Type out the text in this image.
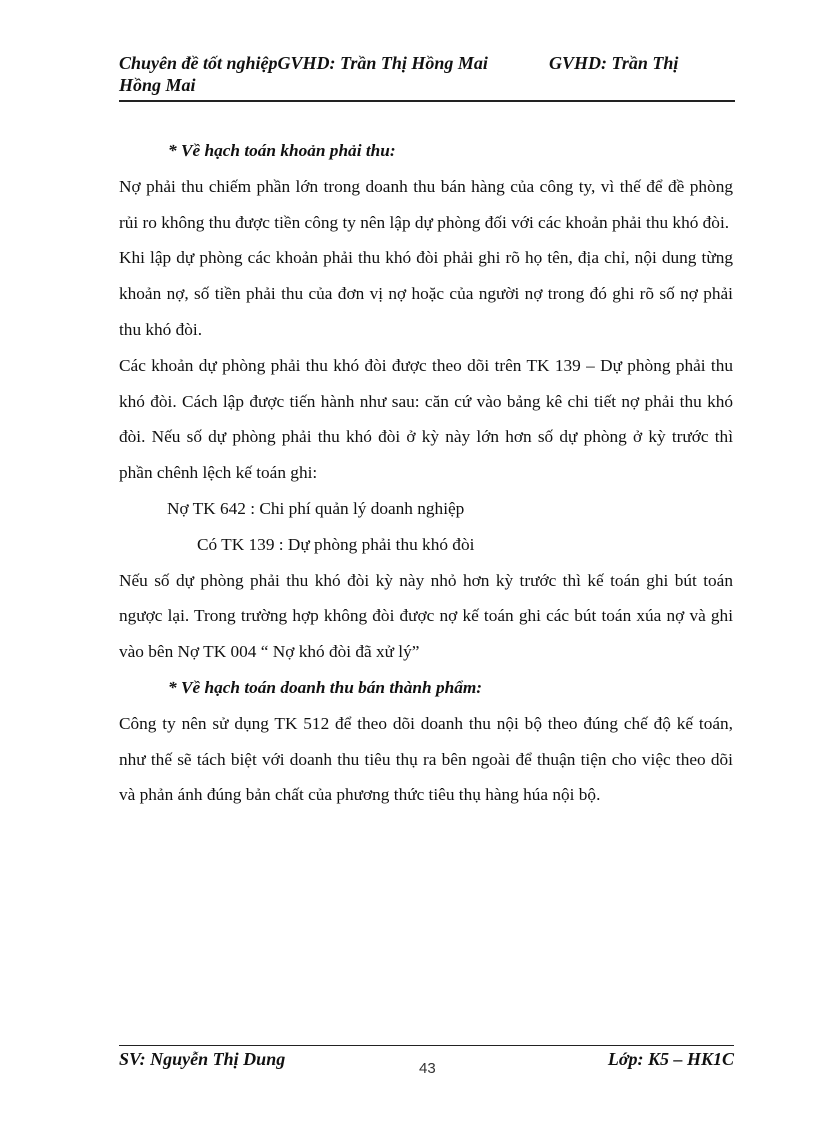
Chuyên đề tốt nghiệpGVHD: Trần Thị Hồng Mai	GVHD: Trần Thị
Hồng Mai

* Về hạch toán khoản phải thu:

Nợ phải thu chiếm phần lớn trong doanh thu bán hàng của công ty, vì thế để đề phòng rủi ro không thu được tiền công ty nên lập dự phòng đối với các khoản phải thu khó đòi.

Khi lập dự phòng các khoản phải thu khó đòi phải ghi rõ họ tên, địa chỉ, nội dung từng khoản nợ, số tiền phải thu của đơn vị nợ hoặc của người nợ trong đó ghi rõ số nợ phải thu khó đòi.

Các khoản dự phòng phải thu khó đòi được theo dõi trên TK 139 – Dự phòng phải thu khó đòi. Cách lập được tiến hành như sau: căn cứ vào bảng kê chi tiết nợ phải thu khó đòi. Nếu số dự phòng phải thu khó đòi ở kỳ này lớn hơn số dự phòng ở kỳ trước thì phần chênh lệch kế toán ghi:

Nợ TK 642 : Chi phí quản lý doanh nghiệp

Có TK 139 : Dự phòng phải thu khó đòi

Nếu số dự phòng phải thu khó đòi kỳ này nhỏ hơn kỳ trước thì kế toán ghi bút toán ngược lại. Trong trường hợp không đòi được nợ kế toán ghi các bút toán xúa nợ và ghi vào bên Nợ TK 004 “ Nợ khó đòi đã xử lý”

* Về hạch toán doanh thu bán thành phẩm:

Công ty nên sử dụng TK 512 để theo dõi doanh thu nội bộ theo đúng chế độ kế toán, như thế sẽ tách biệt với doanh thu tiêu thụ ra bên ngoài để thuận tiện cho việc theo dõi và phản ánh đúng bản chất của phương thức tiêu thụ hàng húa nội bộ.

SV: Nguyễn Thị Dung	43	Lớp: K5 – HK1C
